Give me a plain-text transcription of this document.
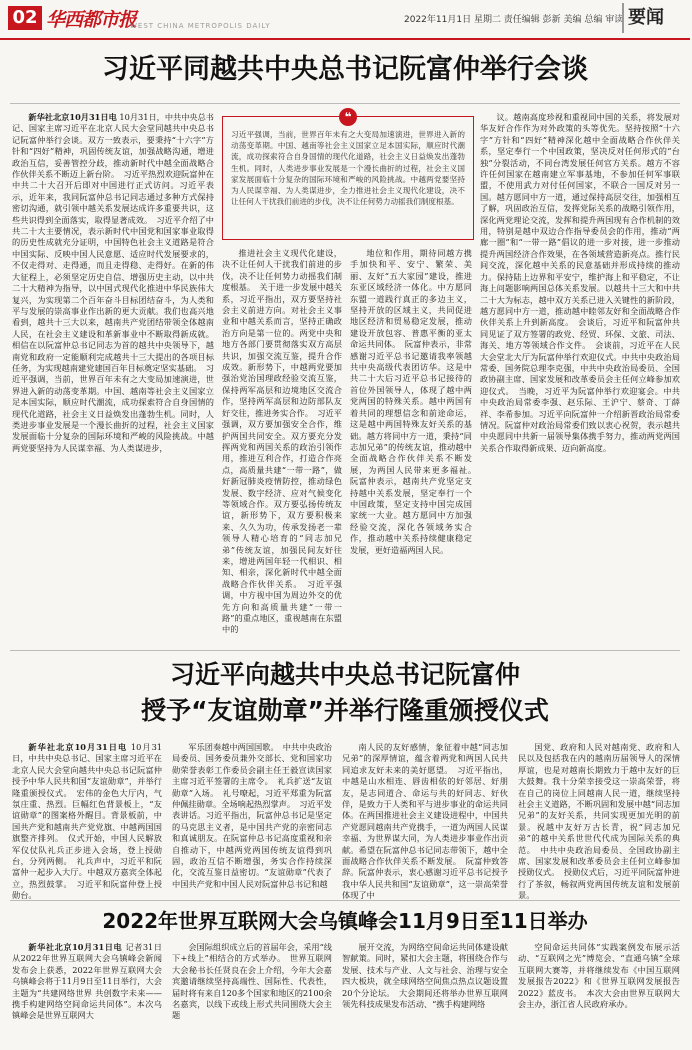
02 华西都市报
WEST CHINA METROPOLIS DAILY
2022年11月1日 星期二 责任编辑 彭新 美编 总编 审读 要闻
习近平同越共中央总书记阮富仲举行会谈
❝
习近平强调，当前，世界百年未有之大变局加速演进，世界进入新的动荡变革期。中国、越南等社会主义国家立足本国实际，顺应时代潮流，成功探索符合自身国情的现代化道路，社会主义日益焕发出蓬勃生机。同时，人类进步事业发展是一个漫长曲折的过程，社会主义国家发展面临十分复杂的国际环境和严峻的风险挑战。中越两党要坚持为人民谋幸福、为人类谋进步，全力推进社会主义现代化建设，决不让任何人干扰我们前进的步伐，决不让任何势力动摇我们制度根基。

新华社北京10月31日电 10月31日，中共中央总书记、国家主席习近平在北京人民大会堂同越共中央总书记阮富仲举行会谈。双方一致表示，要秉持“十六字”方针和“四好”精神，巩固传统友谊，加强战略沟通，增进政治互信，妥善管控分歧，推动新时代中越全面战略合作伙伴关系不断迈上新台阶。　习近平热烈欢迎阮富仲在中共二十大召开后即对中国进行正式访问。习近平表示，近年来，我同阮富仲总书记同志通过多种方式保持密切沟通，就引领中越关系发展达成许多重要共识，这些共识得到全面落实，取得显著成效。　习近平介绍了中共二十大主要情况，表示新时代中国党和国家事业取得的历史性成就充分证明，中国特色社会主义道路是符合中国实际、反映中国人民意愿、适应时代发展要求的，不仅走得对、走得通，而且走得稳、走得好。在新的伟大征程上，必须坚定历史自信、增强历史主动，以中共二十大精神为指导，以中国式现代化推进中华民族伟大复兴，为实现第二个百年奋斗目标团结奋斗，为人类和平与发展的崇高事业作出新的更大贡献。我们也高兴地看到，越共十三大以来，越南共产党团结带领全体越南人民，在社会主义建设和革新事业中不断取得新成就。相信在以阮富仲总书记同志为首的越共中央领导下，越南党和政府一定能顺利完成越共十三大提出的各项目标任务，为实现越南建党建国百年目标奠定坚实基础。　习近平强调，当前，世界百年未有之大变局加速演进，世界进入新的动荡变革期。中国、越南等社会主义国家立足本国实际，顺应时代潮流，成功探索符合自身国情的现代化道路，社会主义日益焕发出蓬勃生机。同时，人类进步事业发展是一个漫长曲折的过程，社会主义国家发展面临十分复杂的国际环境和严峻的风险挑战。中越两党要坚持为人民谋幸福、为人类谋进步，

推进社会主义现代化建设，决不让任何人干扰我们前进的步伐，决不让任何势力动摇我们制度根基。　关于进一步发展中越关系，习近平指出，双方要坚持社会主义前进方向。对社会主义事业和中越关系而言，坚持正确政治方向是第一位的。两党中央和地方各部门要贯彻落实双方高层共识，加强交流互鉴，提升合作成效。新形势下，中越两党要加强治党治国理政经验交流互鉴，保持两军高层和边境地区交流合作，坚持两军高层和边防部队友好交往，推进务实合作。　习近平强调，双方要加强安全合作，维护两国共同安全。双方要充分发挥两党和两国关系的政治引领作用，推进互利合作，打造合作亮点，高质量共建“一带一路”，做好新冠肺炎疫情防控，推动绿色发展、数字经济、应对气候变化等领域合作。双方要弘扬传统友谊，新形势下，双方要积极来来、久久为功，传承发扬老一辈领导人精心培育的“同志加兄弟”传统友谊，加强民间友好往来，增进两国年轻一代相识、相知、相亲，深化新时代中越全面战略合作伙伴关系。　习近平强调，中方视中国为周边外交的优先方向和高质量共建“一带一路”的重点地区，重视越南在东盟中的

地位和作用，期待同越方携手加快和平、安宁、繁荣、美丽、友好“五大家园”建设，推进东亚区域经济一体化。中方愿同东盟一道践行真正的多边主义，坚持开放的区域主义，共同促进地区经济和贸易稳定发展，推动建设开放包容、普惠平衡的亚太命运共同体。　阮富仲表示，非常感谢习近平总书记邀请我率领越共中央高级代表团访华。这是中共二十大后习近平总书记接待的首位外国领导人，体现了越中两党两国的特殊关系。越中两国有着共同的理想信念和前途命运，这是越中两国特殊友好关系的基础。越方将同中方一道，秉持“同志加兄弟”的传统友谊，推动越中全面战略合作伙伴关系不断发展，为两国人民带来更多福祉。　阮富仲表示，越南共产党坚定支持越中关系发展，坚定奉行一个中国政策，坚定支持中国完成国家统一大业。越方愿同中方加强经验交流，深化各领域务实合作，推动越中关系持续健康稳定发展，更好造福两国人民。

议。越南高度珍视和重视同中国的关系，将发展对华友好合作作为对外政策的头等优先。坚持按照“十六字”方针和“四好”精神深化越中全面战略合作伙伴关系，坚定奉行一个中国政策，坚决反对任何形式的“台独”分裂活动，不同台湾发展任何官方关系。越方不容许任何国家在越南建立军事基地，不参加任何军事联盟，不使用武力对付任何国家，不联合一国反对另一国。越方愿同中方一道，通过保持高层交往，加强相互了解，巩固政治互信，发挥党际关系的战略引领作用，深化两党理论交流，发挥和提升两国现有合作机制的效用，特别是越中双边合作指导委员会的作用，推动“两廊一圈”和“一带一路”倡议的进一步对接，进一步推动提升两国经济合作效果，在各领域营造新亮点。推行民间交流，深化越中关系的民意基础并形成持续的推动力。保持陆上边界和平安宁，维护海上和平稳定，不让海上问题影响两国总体关系发展。以越共十三大和中共二十大为标志，越中双方关系已进入关键性的新阶段，越方愿同中方一道，推动越中睦邻友好和全面战略合作伙伴关系上升到新高度。　会谈后，习近平和阮富仲共同见证了双方签署的政党、经贸、环保、文旅、司法、海关、地方等领域合作文件。　会谈前，习近平在人民大会堂北大厅为阮富仲举行欢迎仪式。中共中央政治局常委、国务院总理李克强，中共中央政治局委员、全国政协副主席、国家发展和改革委员会主任何立峰参加欢迎仪式。　当晚，习近平为阮富仲举行欢迎宴会。中共中央政治局常委李强、赵乐际、王沪宁、蔡奇、丁薛祥、李希参加。习近平向阮富仲一介绍新晋政治局常委情况。阮富仲对政治局常委们致以衷心祝贺，表示越共中央愿同中共新一届领导集体携手努力，推动两党两国关系合作取得新成果、迈向新高度。

习近平向越共中央总书记阮富仲
授予“友谊勋章”并举行隆重颁授仪式

新华社北京10月31日电 10月31日，中共中央总书记、国家主席习近平在北京人民大会堂向越共中央总书记阮富仲授予中华人民共和国“友谊勋章”，并举行隆重颁授仪式。　宏伟的金色大厅内，气氛庄重、热烈。巨幅红色背景板上，“友谊勋章”的图案格外醒目。背景板前，中国共产党和越南共产党党旗、中越两国国旗整齐排列。　仪式开始，中国人民解放军仪仗队礼兵正步进入会场，登上授勋台，分列两侧。　礼兵声中，习近平和阮富仲一起步入大厅。中越双方嘉宾全体起立，热烈鼓掌。　习近平和阮富仲登上授勋台。

军乐团奏越中两国国歌。　中共中央政治局委员、国务委员兼外交部长、党和国家功勋荣誉表彰工作委员会副主任王毅宣读国家主席习近平签署的主席令。　礼兵扩送“友谊勋章”入场。　礼号嘹起，习近平郑重为阮富仲佩挂勋章。全场响起热烈掌声。　习近平发表讲话。习近平指出，阮富仲总书记是坚定的马克思主义者，是中国共产党的亲密同志和真诚朋友。在阮富仲总书记高度重视和亲自推动下，中越两党两国传统友谊得到巩固，政治互信不断增强，务实合作持续深化，交流互鉴日益密切。“友谊勋章”代表了中国共产党和中国人民对阮富仲总书记和越

南人民的友好感情，象征着中越“同志加兄弟”的深厚情谊，蕴含着两党和两国人民共同追求友好未来的美好愿望。　习近平指出，中越是山水相连、唇齿相依的好邻居、好朋友，是志同道合、命运与共的好同志、好伙伴，是致力于人类和平与进步事业的命运共同体。在两国推进社会主义建设进程中，中国共产党愿同越南共产党携手，一道为两国人民谋幸福、为世界谋大同，为人类进步事业作出贡献。希望在阮富仲总书记同志带领下，越中全面战略合作伙伴关系不断发展。　阮富仲致答辞。阮富仲表示，衷心感谢习近平总书记授予我中华人民共和国“友谊勋章”，这一崇高荣誉体现了中

国党、政府和人民对越南党、政府和人民以及包括我在内的越南历届领导人的深情厚谊，也是对越南长期致力于越中友好的巨大鼓舞。我十分荣幸接受这一崇高荣誉，将在自己的岗位上同越南人民一道，继续坚持社会主义道路，不断巩固和发展中越“同志加兄弟”的友好关系，共同实现更加光明的前景。祝越中友好万古长青，祝“同志加兄弟”的越中关系世世代代成为国际关系的典范。　中共中央政治局委员、全国政协副主席、国家发展和改革委员会主任何立峰参加授勋仪式。　授勋仪式后，习近平同阮富仲进行了茶叙，畅叙两党两国传统友谊和发展前景。

2022年世界互联网大会乌镇峰会11月9日至11日举办

新华社北京10月31日电 记者31日从2022年世界互联网大会乌镇峰会新闻发布会上获悉，2022年世界互联网大会乌镇峰会将于11月9日至11日举行，大会主题为“共建网络世界 共创数字未来——携手构建网络空间命运共同体”。本次乌镇峰会是世界互联网大

会国际组织成立后的首届年会，采用“线下+线上”相结合的方式举办。　世界互联网大会秘书长任贤良在会上介绍，今年大会嘉宾邀请继续坚持高端性、国际性、代表性，届时将有来自120多个国家和地区的2100余名嘉宾，以线下或线上形式共同围绕大会主题

展开交流，为网络空间命运共同体建设献智献策。同时，紧扣大会主题，将围绕合作与发展、技术与产业、人文与社会、治理与安全四大板块，就全球网络空间焦点热点议题设置20个分论坛。　大会期间还将举办世界互联网领先科技成果发布活动、“携手构建网络

空间命运共同体”实践案例发布展示活动、“互联网之光”博览会、“直通乌镇”全球互联网大赛等，并将继续发布《中国互联网发展报告2022》和《世界互联网发展报告2022》蓝皮书。　本次大会由世界互联网大会主办，浙江省人民政府承办。
